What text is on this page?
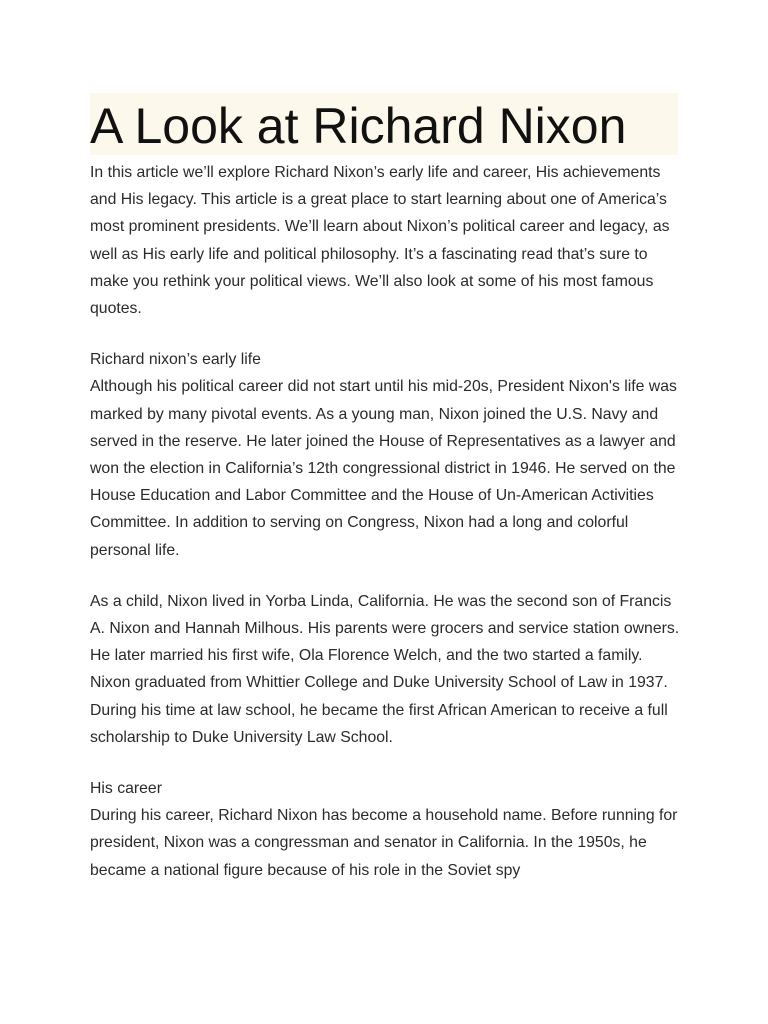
A Look at Richard Nixon

In this article we’ll explore Richard Nixon’s early life and career, His achievements and His legacy. This article is a great place to start learning about one of America’s most prominent presidents. We’ll learn about Nixon’s political career and legacy, as well as His early life and political philosophy. It’s a fascinating read that’s sure to make you rethink your political views. We’ll also look at some of his most famous quotes.

Richard nixon’s early life

Although his political career did not start until his mid-20s, President Nixon's life was marked by many pivotal events. As a young man, Nixon joined the U.S. Navy and served in the reserve. He later joined the House of Representatives as a lawyer and won the election in California’s 12th congressional district in 1946. He served on the House Education and Labor Committee and the House of Un-American Activities Committee. In addition to serving on Congress, Nixon had a long and colorful personal life.

As a child, Nixon lived in Yorba Linda, California. He was the second son of Francis A. Nixon and Hannah Milhous. His parents were grocers and service station owners. He later married his first wife, Ola Florence Welch, and the two started a family. Nixon graduated from Whittier College and Duke University School of Law in 1937. During his time at law school, he became the first African American to receive a full scholarship to Duke University Law School.

His career

During his career, Richard Nixon has become a household name. Before running for president, Nixon was a congressman and senator in California. In the 1950s, he became a national figure because of his role in the Soviet spy
